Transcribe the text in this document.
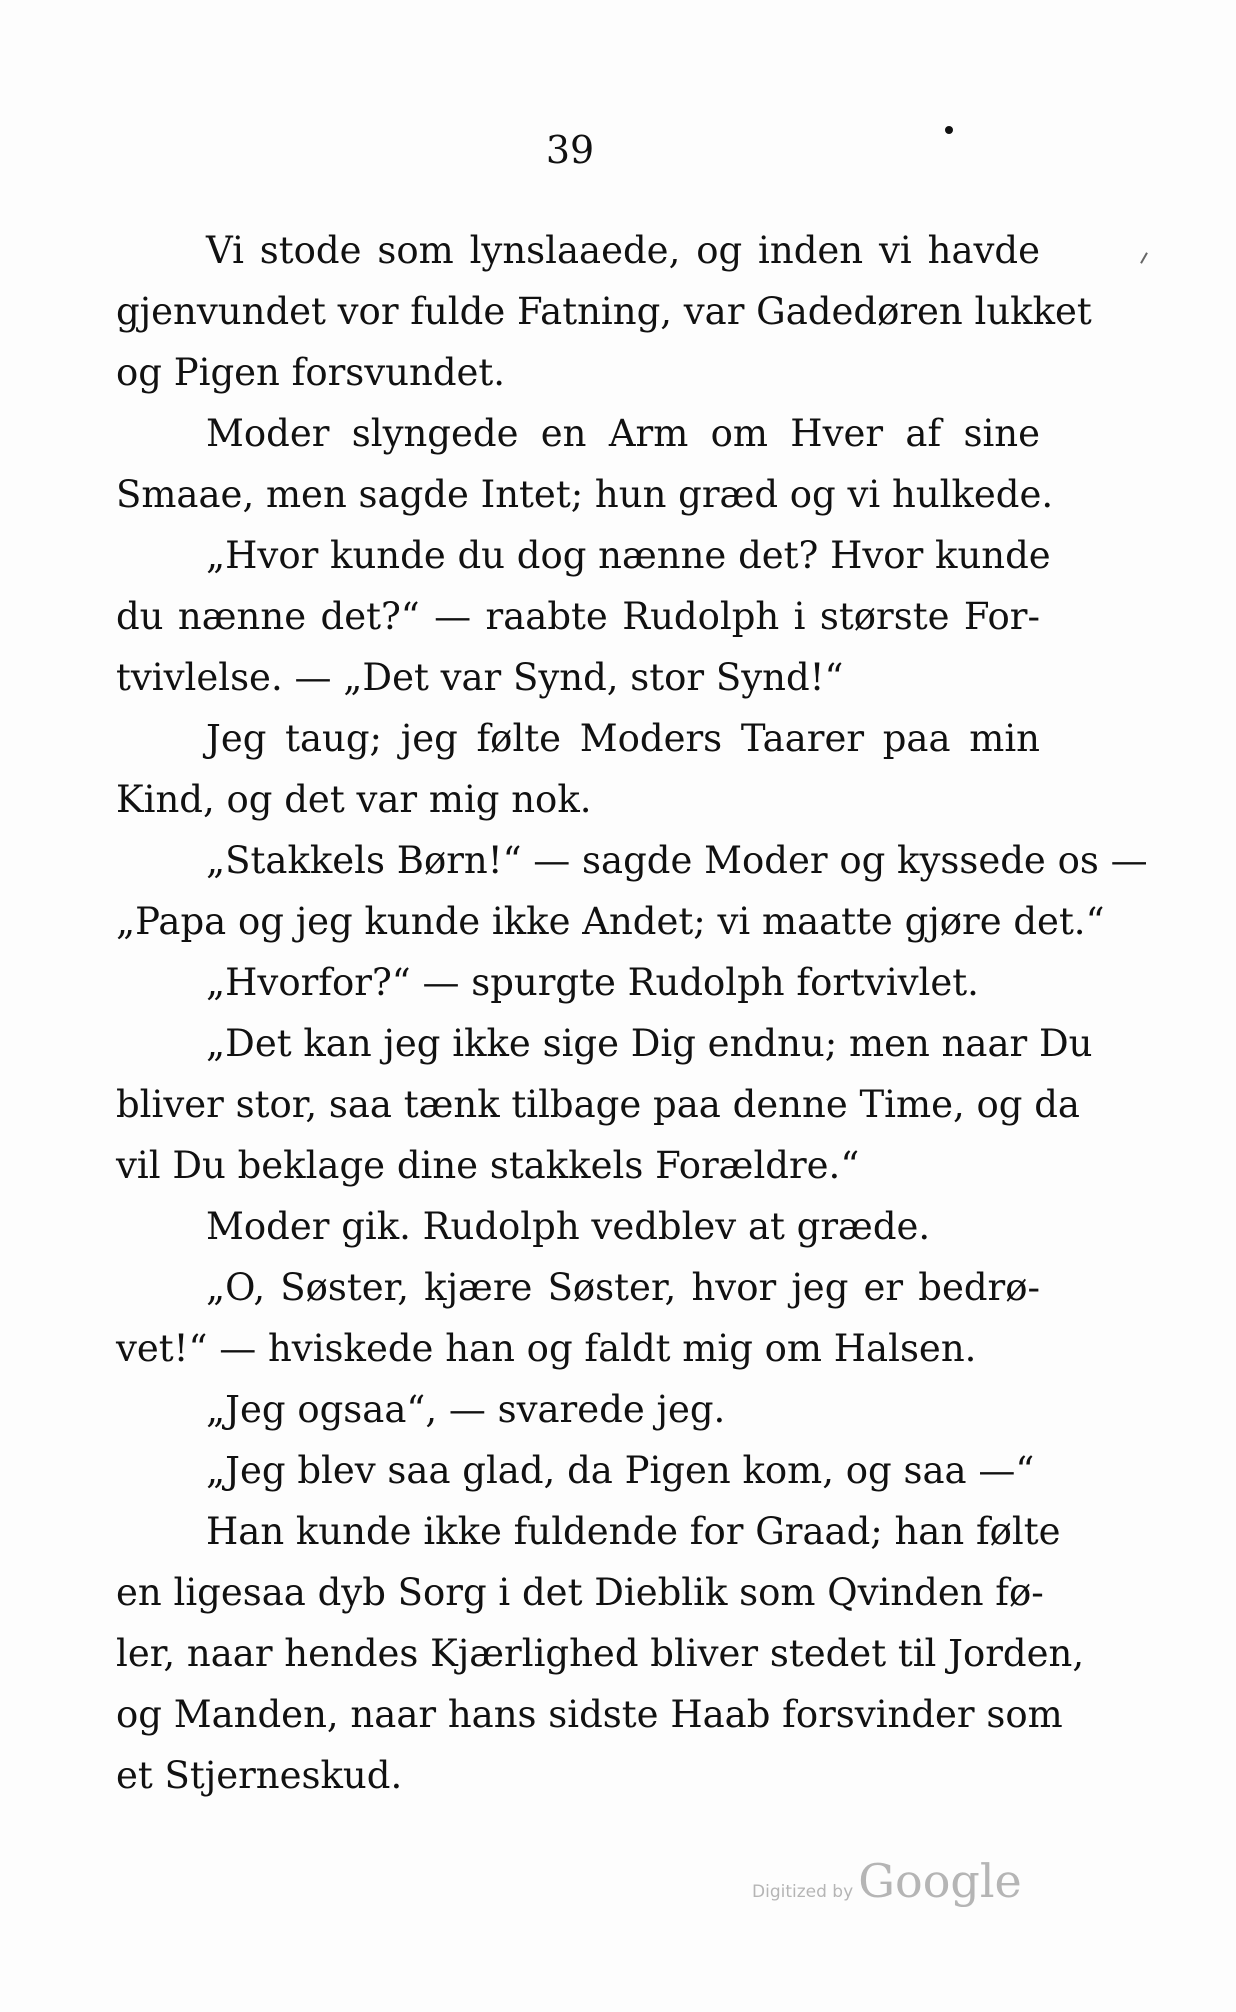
39
Vi stode som lynslaaede, og inden vi havde
gjenvundet vor fulde Fatning, var Gadedøren lukket
og Pigen forsvundet.
Moder slyngede en Arm om Hver af sine
Smaae, men sagde Intet; hun græd og vi hulkede.
„Hvor kunde du dog nænne det? Hvor kunde
du nænne det?“ — raabte Rudolph i største For-
tvivlelse. — „Det var Synd, stor Synd!“
Jeg taug; jeg følte Moders Taarer paa min
Kind, og det var mig nok.
„Stakkels Børn!“ — sagde Moder og kyssede os —
„Papa og jeg kunde ikke Andet; vi maatte gjøre det.“
„Hvorfor?“ — spurgte Rudolph fortvivlet.
„Det kan jeg ikke sige Dig endnu; men naar Du
bliver stor, saa tænk tilbage paa denne Time, og da
vil Du beklage dine stakkels Forældre.“
Moder gik. Rudolph vedblev at græde.
„O, Søster, kjære Søster, hvor jeg er bedrø-
vet!“ — hviskede han og faldt mig om Halsen.
„Jeg ogsaa“, — svarede jeg.
„Jeg blev saa glad, da Pigen kom, og saa —“
Han kunde ikke fuldende for Graad; han følte
en ligesaa dyb Sorg i det Dieblik som Qvinden fø-
ler, naar hendes Kjærlighed bliver stedet til Jorden,
og Manden, naar hans sidste Haab forsvinder som
et Stjerneskud.
Digitized by Google
